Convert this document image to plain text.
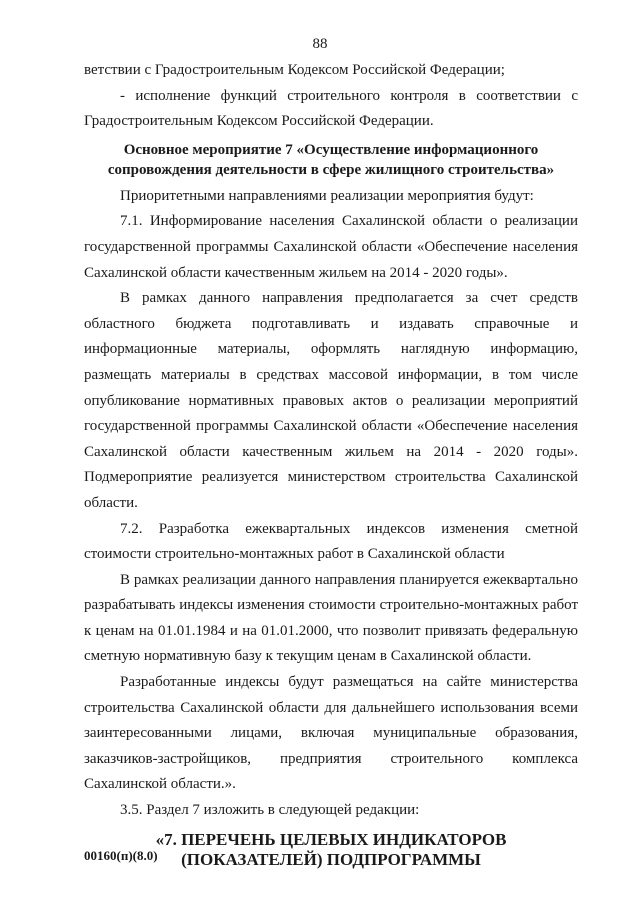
88

ветствии с Градостроительным Кодексом Российской Федерации;

- исполнение функций строительного контроля в соответствии с Градостроительным Кодексом Российской Федерации.

Основное мероприятие 7 «Осуществление информационного сопровождения деятельности в сфере жилищного строительства»

Приоритетными направлениями реализации мероприятия будут:

7.1. Информирование населения Сахалинской области о реализации государственной программы Сахалинской области «Обеспечение населения Сахалинской области качественным жильем на 2014 - 2020 годы».

В рамках данного направления предполагается за счет средств областного бюджета подготавливать и издавать справочные и информационные материалы, оформлять наглядную информацию, размещать материалы в средствах массовой информации, в том числе опубликование нормативных правовых актов о реализации мероприятий государственной программы Сахалинской области «Обеспечение населения Сахалинской области качественным жильем на 2014 - 2020 годы». Подмероприятие реализуется министерством строительства Сахалинской области.

7.2. Разработка ежеквартальных индексов изменения сметной стоимости строительно-монтажных работ в Сахалинской области

В рамках реализации данного направления планируется ежеквартально разрабатывать индексы изменения стоимости строительно-монтажных работ к ценам на 01.01.1984 и на 01.01.2000, что позволит привязать федеральную сметную нормативную базу к текущим ценам в Сахалинской области.

Разработанные индексы будут размещаться на сайте министерства строительства Сахалинской области для дальнейшего использования всеми заинтересованными лицами, включая муниципальные образования, заказчиков-застройщиков, предприятия строительного комплекса Сахалинской области.».

3.5. Раздел 7 изложить в следующей редакции:

«7. ПЕРЕЧЕНЬ ЦЕЛЕВЫХ ИНДИКАТОРОВ (ПОКАЗАТЕЛЕЙ) ПОДПРОГРАММЫ

00160(п)(8.0)
